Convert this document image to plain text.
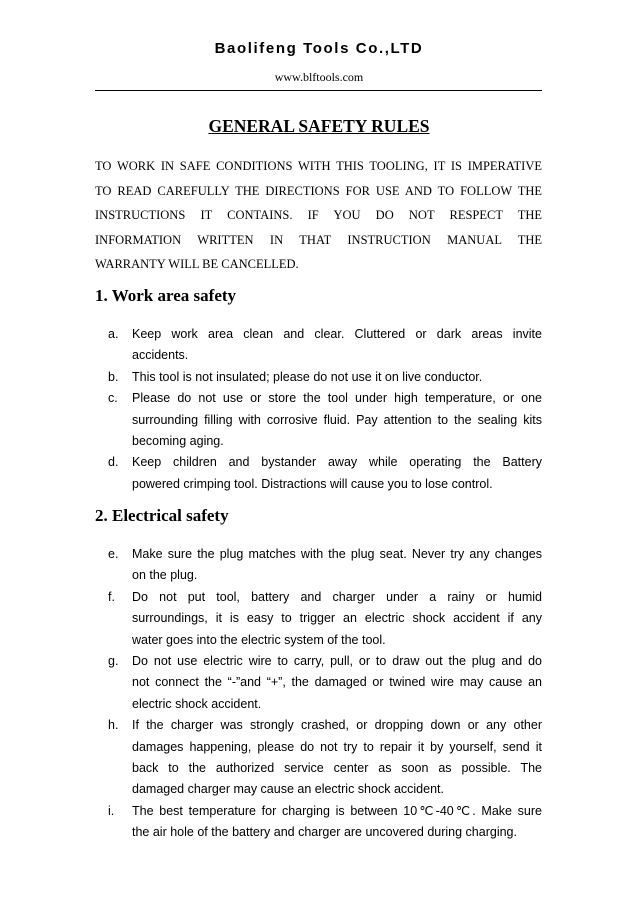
Baolifeng Tools Co.,LTD
www.blftools.com
GENERAL SAFETY RULES
TO WORK IN SAFE CONDITIONS WITH THIS TOOLING, IT IS IMPERATIVE
TO READ CAREFULLY THE DIRECTIONS FOR USE AND TO FOLLOW THE
INSTRUCTIONS IT CONTAINS. IF YOU DO NOT RESPECT THE
INFORMATION WRITTEN IN THAT INSTRUCTION MANUAL THE
WARRANTY WILL BE CANCELLED.
1. Work area safety
a. Keep work area clean and clear. Cluttered or dark areas invite
accidents.
b. This tool is not insulated; please do not use it on live conductor.
c. Please do not use or store the tool under high temperature, or one
surrounding filling with corrosive fluid. Pay attention to the sealing kits
becoming aging.
d. Keep children and bystander away while operating the Battery
powered crimping tool. Distractions will cause you to lose control.
2. Electrical safety
e. Make sure the plug matches with the plug seat. Never try any changes
on the plug.
f. Do not put tool, battery and charger under a rainy or humid
surroundings, it is easy to trigger an electric shock accident if any
water goes into the electric system of the tool.
g. Do not use electric wire to carry, pull, or to draw out the plug and do
not connect the “-”and “+”, the damaged or twined wire may cause an
electric shock accident.
h. If the charger was strongly crashed, or dropping down or any other
damages happening, please do not try to repair it by yourself, send it
back to the authorized service center as soon as possible. The
damaged charger may cause an electric shock accident.
i. The best temperature for charging is between 10℃-40℃. Make sure
the air hole of the battery and charger are uncovered during charging.
